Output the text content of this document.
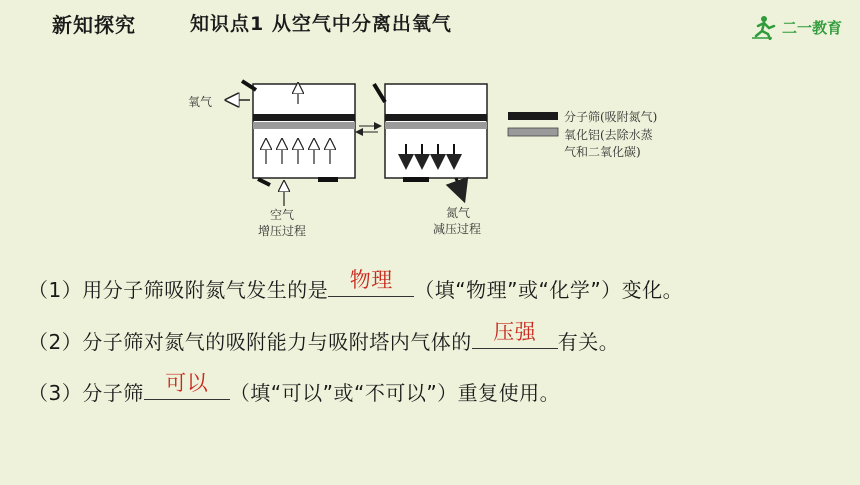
新知探究	知识点1 从空气中分离出氧气	二一教育
氧气
空气
增压过程
氮气
减压过程
分子筛(吸附氮气)
氧化铝(去除水蒸
气和二氧化碳)
（1）用分子筛吸附氮气发生的是	物理	（填“物理”或“化学”）变化。
（2）分子筛对氮气的吸附能力与吸附塔内气体的	压强	有关。
（3）分子筛	可以	（填“可以”或“不可以”）重复使用。
